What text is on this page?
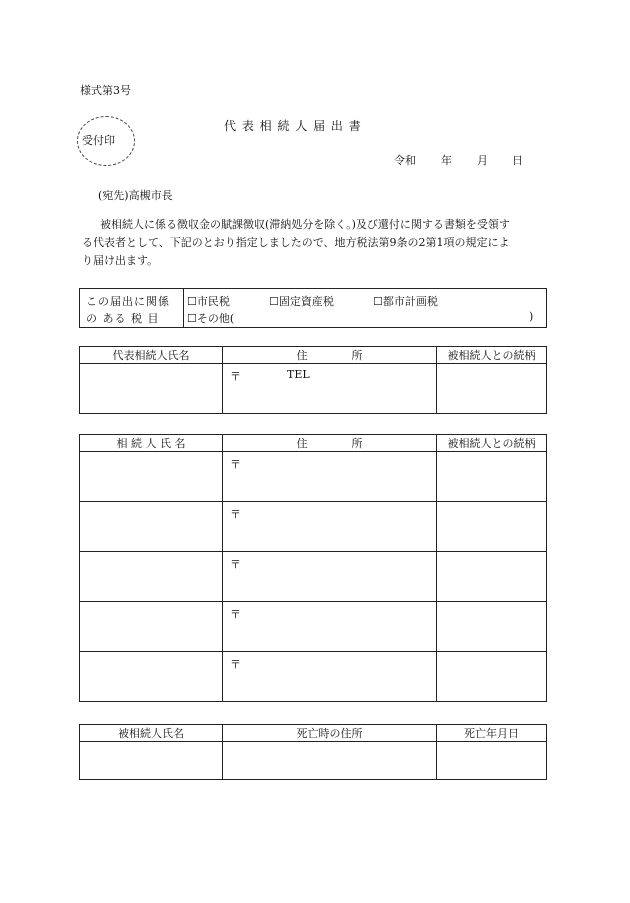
様式第3号
受付印
代 表 相 続 人 届 出 書
令和 年 月 日
(宛先)高槻市長
被相続人に係る徴収金の賦課徴収(滞納処分を除く。)及び還付に関する書類を受領す
る代表者として、下記のとおり指定しましたので、地方税法第9条の2第1項の規定によ
り届け出ます。
この届出に関係
の ある 税 目
☐市民税	☐固定資産税	☐都市計画税
☐その他(	)
代表相続人氏名	住　　　　所	被相続人との続柄

	〒 TEL	

相 続 人 氏 名	住　　　　所	被相続人との続柄

	〒	

	〒	

	〒	

	〒	

	〒	

被相続人氏名	死亡時の住所	死亡年月日
